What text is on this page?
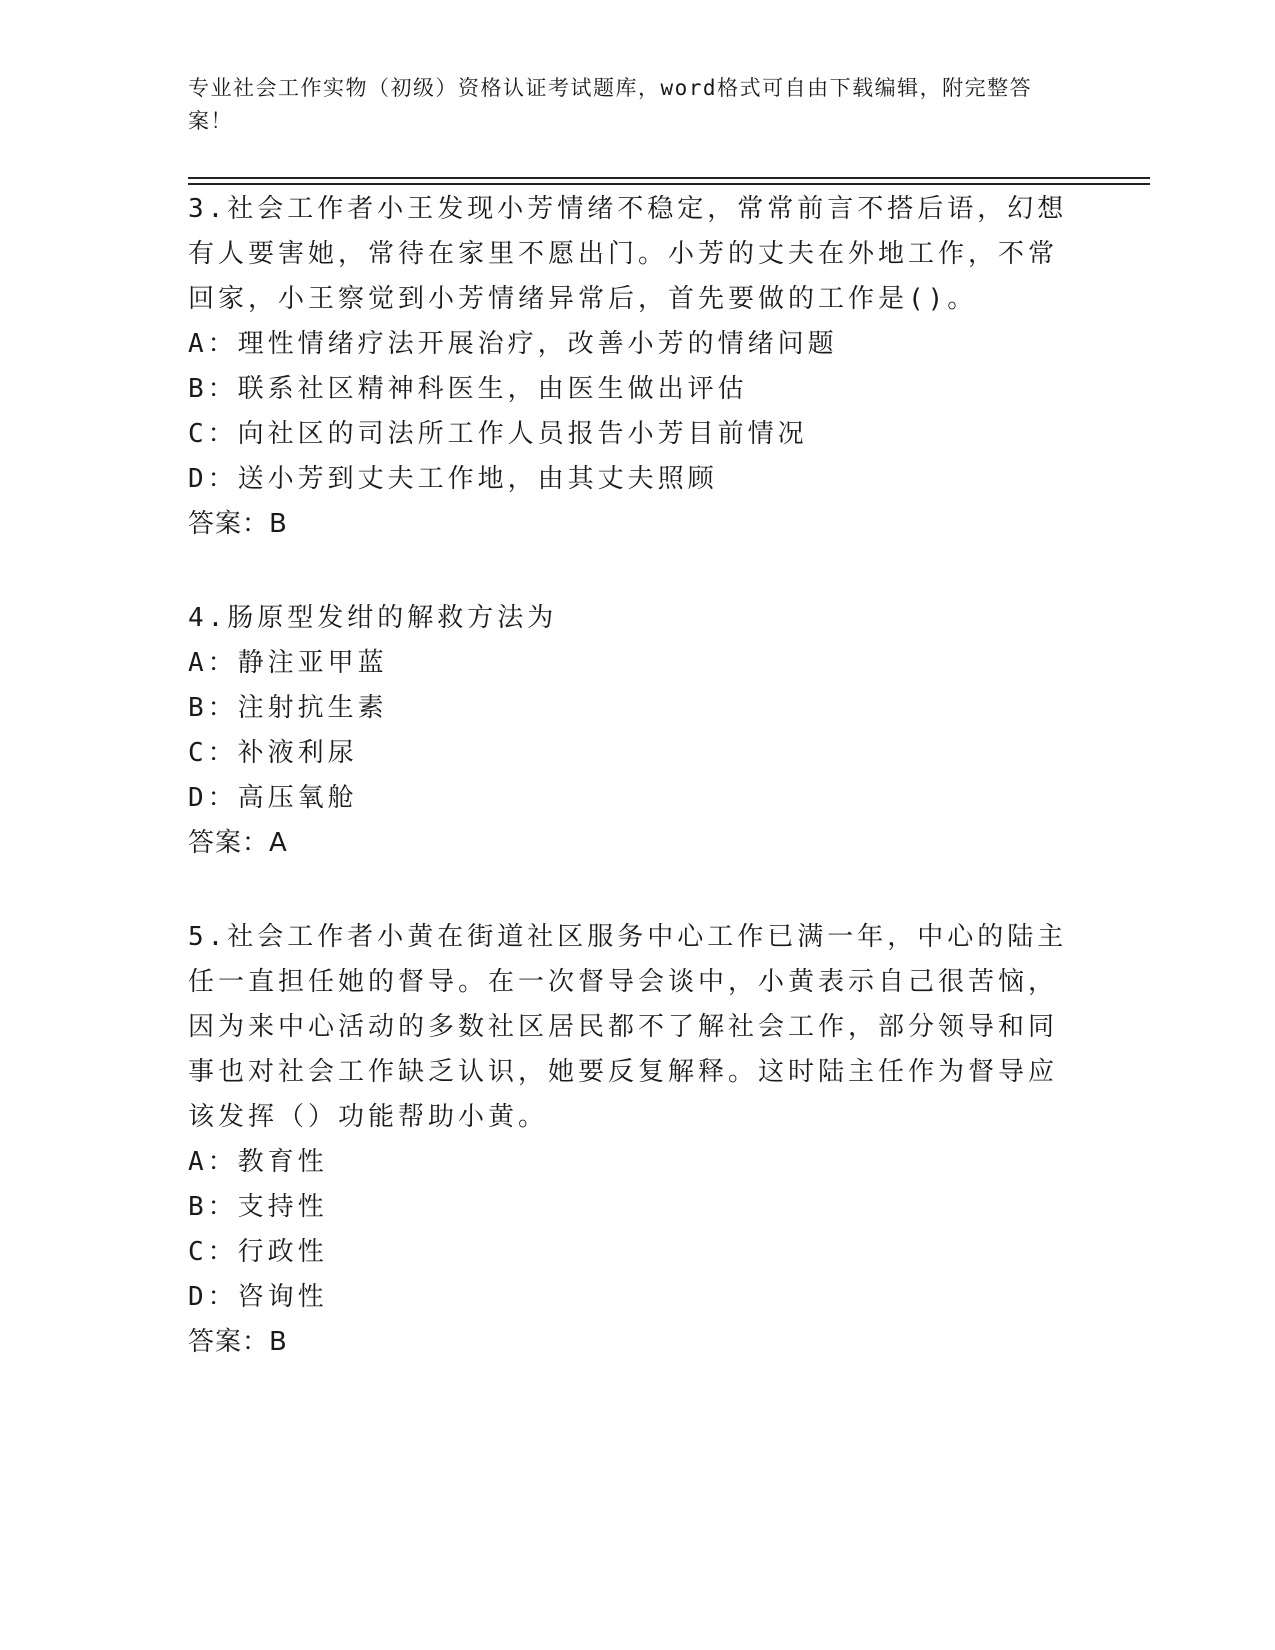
专业社会工作实物（初级）资格认证考试题库，word格式可自由下载编辑，附完整答案！
3.社会工作者小王发现小芳情绪不稳定，常常前言不搭后语，幻想有人要害她，常待在家里不愿出门。小芳的丈夫在外地工作，不常回家，小王察觉到小芳情绪异常后，首先要做的工作是()。
A：理性情绪疗法开展治疗，改善小芳的情绪问题
B：联系社区精神科医生，由医生做出评估
C：向社区的司法所工作人员报告小芳目前情况
D：送小芳到丈夫工作地，由其丈夫照顾
答案：B
4.肠原型发绀的解救方法为
A：静注亚甲蓝
B：注射抗生素
C：补液利尿
D：高压氧舱
答案：A
5.社会工作者小黄在街道社区服务中心工作已满一年，中心的陆主任一直担任她的督导。在一次督导会谈中，小黄表示自己很苦恼，因为来中心活动的多数社区居民都不了解社会工作，部分领导和同事也对社会工作缺乏认识，她要反复解释。这时陆主任作为督导应该发挥（）功能帮助小黄。
A：教育性
B：支持性
C：行政性
D：咨询性
答案：B
